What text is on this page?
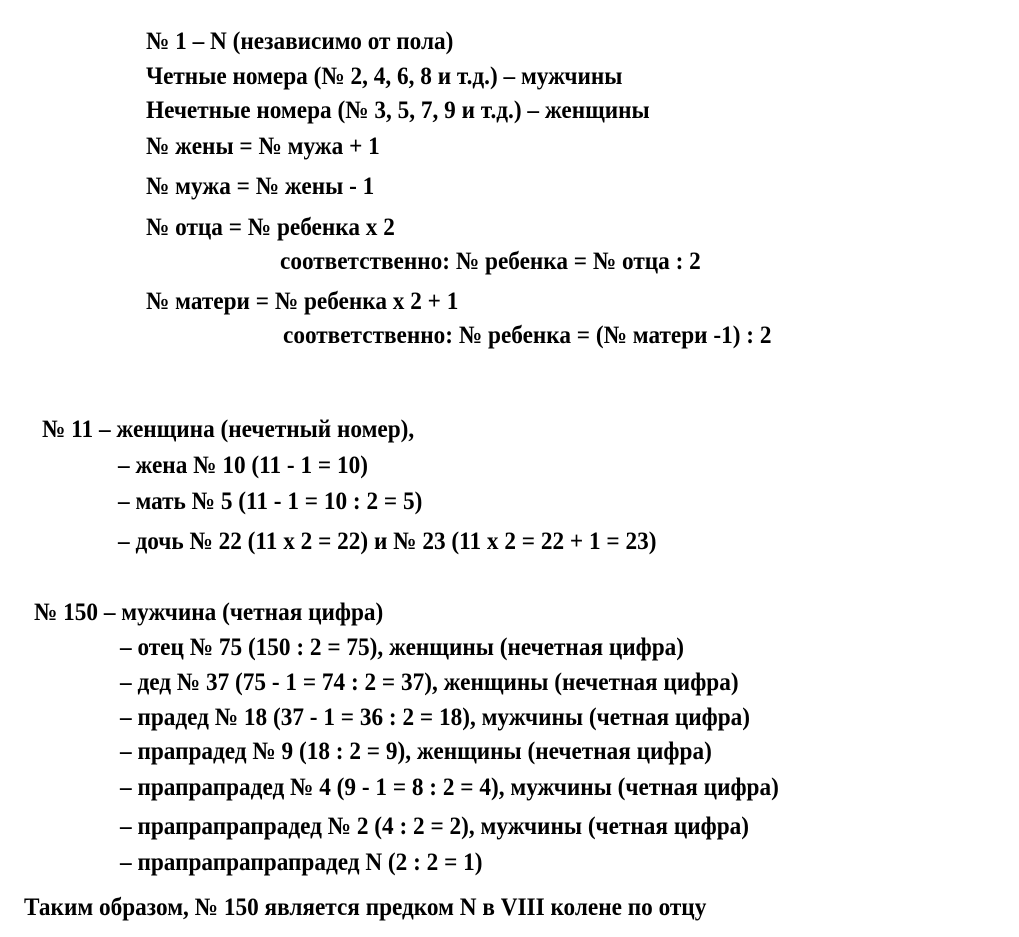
№ 1 – N (независимо от пола)
Четные номера (№ 2, 4, 6, 8 и т.д.) – мужчины
Нечетные номера (№ 3, 5, 7, 9 и т.д.) – женщины
№ жены = № мужа + 1
№ мужа = № жены - 1
№ отца = № ребенка х 2
соответственно: № ребенка = № отца : 2
№ матери = № ребенка х 2 + 1
соответственно: № ребенка = (№ матери -1) : 2
№ 11 – женщина (нечетный номер),
– жена № 10 (11 - 1 = 10)
– мать № 5 (11 - 1 = 10 : 2 = 5)
– дочь № 22 (11 х 2 = 22) и № 23 (11 х 2 = 22 + 1 = 23)
№ 150 – мужчина (четная цифра)
– отец № 75 (150 : 2 = 75), женщины (нечетная цифра)
– дед № 37 (75 - 1 = 74 : 2 = 37), женщины (нечетная цифра)
– прадед № 18 (37 - 1 = 36 : 2 = 18), мужчины (четная цифра)
– прапрадед № 9 (18 : 2 = 9), женщины (нечетная цифра)
– прапрапрадед № 4 (9 - 1 = 8 : 2 = 4), мужчины (четная цифра)
– прапрапрапрадед № 2 (4 : 2 = 2), мужчины (четная цифра)
– прапрапрапрапрадед N (2 : 2 = 1)
Таким образом, № 150 является предком N в VIII колене по отцу
